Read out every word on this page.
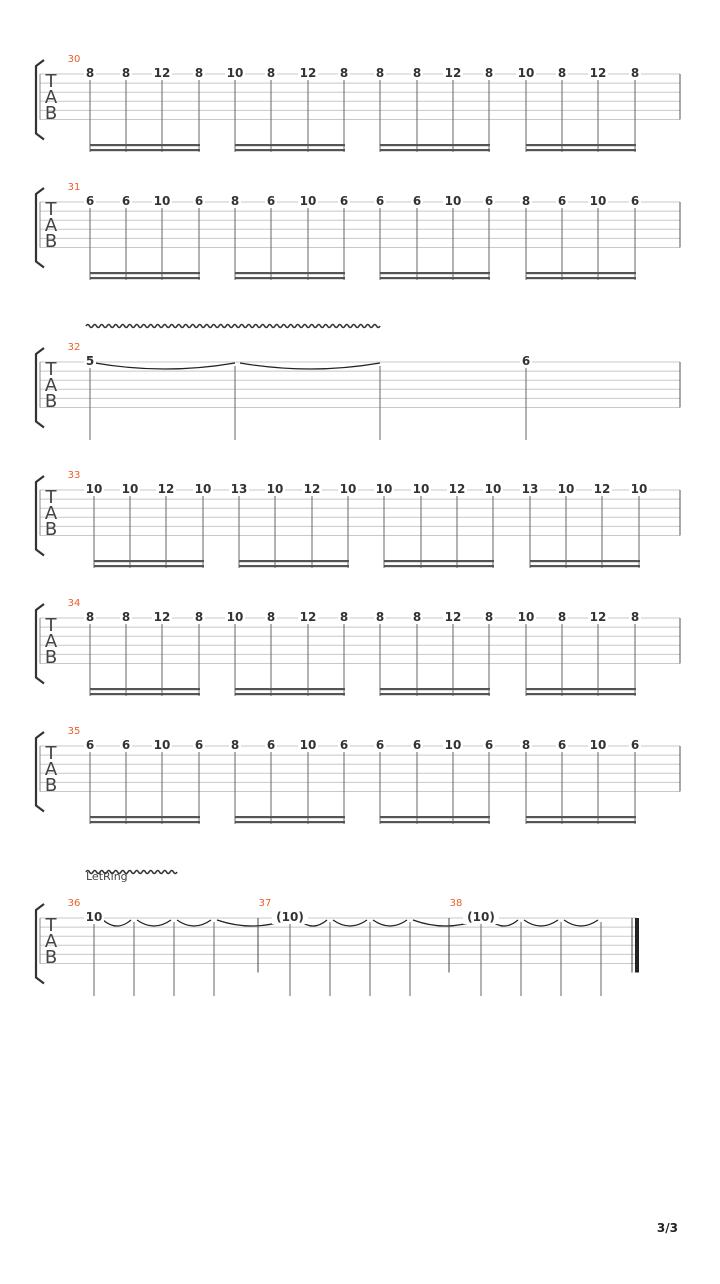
T
A
B
30
8 8 12 8 10 8 12 8 8 8 12 8 10 8 12 8
T
A
B
31
6 6 10 6 8 6 10 6 6 6 10 6 8 6 10 6
T
A
B
32
5	6
T
A
B
33
10 10 12 10 13 10 12 10 10 10 12 10 13 10 12 10
T
A
B
34
8 8 12 8 10 8 12 8 8 8 12 8 10 8 12 8
T
A
B
35
6 6 10 6 8 6 10 6 6 6 10 6 8 6 10 6
T
A
B
LetRing
36	37	38
10	(10)	(10)
3/3
